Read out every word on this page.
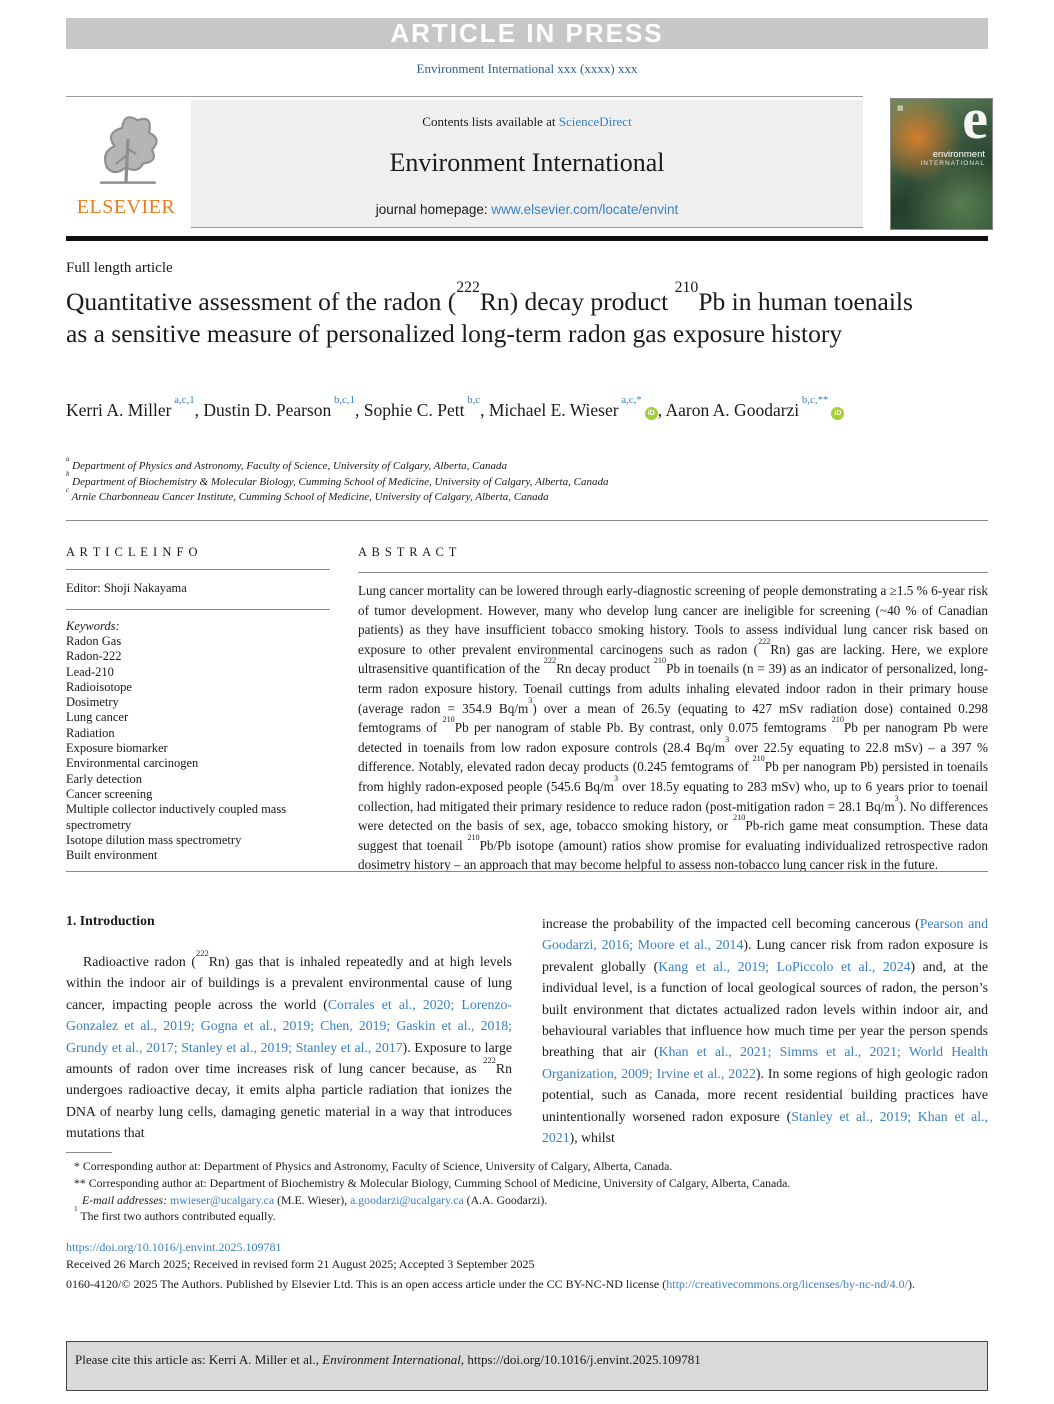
ARTICLE IN PRESS
Environment International xxx (xxxx) xxx
ELSEVIER
Contents lists available at ScienceDirect
Environment International
journal homepage: www.elsevier.com/locate/envint
▦ e
environment
INTERNATIONAL
Full length article
Quantitative assessment of the radon ($^{222}$Rn) decay product $^{210}$Pb in human toenails as a sensitive measure of personalized long-term radon gas exposure history
Kerri A. Miller $^{a,c,1}$, Dustin D. Pearson $^{b,c,1}$, Sophie C. Pett $^{b,c}$, Michael E. Wieser $^{a,c,*}$iD , Aaron A. Goodarzi $^{b,c,**}$iD
$^a$ Department of Physics and Astronomy, Faculty of Science, University of Calgary, Alberta, Canada
$^b$ Department of Biochemistry & Molecular Biology, Cumming School of Medicine, University of Calgary, Alberta, Canada
$^c$ Arnie Charbonneau Cancer Institute, Cumming School of Medicine, University of Calgary, Alberta, Canada
A R T I C L E I N F O
Editor: Shoji Nakayama
Keywords:
Radon Gas
Radon-222
Lead-210
Radioisotope
Dosimetry
Lung cancer
Radiation
Exposure biomarker
Environmental carcinogen
Early detection
Cancer screening
Multiple collector inductively coupled mass spectrometry
Isotope dilution mass spectrometry
Built environment
A B S T R A C T
Lung cancer mortality can be lowered through early-diagnostic screening of people demonstrating a ≥1.5 % 6-year risk of tumor development. However, many who develop lung cancer are ineligible for screening (~40 % of Canadian patients) as they have insufficient tobacco smoking history. Tools to assess individual lung cancer risk based on exposure to other prevalent environmental carcinogens such as radon ($^{222}$Rn) gas are lacking. Here, we explore ultrasensitive quantification of the $^{222}$Rn decay product $^{210}$Pb in toenails (n = 39) as an indicator of personalized, long-term radon exposure history. Toenail cuttings from adults inhaling elevated indoor radon in their primary house (average radon = 354.9 $Bq/m^3$) over a mean of 26.5y (equating to 427 mSv radiation dose) contained 0.298 femtograms of $^{210}$Pb per nanogram of stable Pb. By contrast, only 0.075 femtograms $^{210}$Pb per nanogram Pb were detected in toenails from low radon exposure controls (28.4 $Bq/m^3$ over 22.5y equating to 22.8 mSv) – a 397 % difference. Notably, elevated radon decay products (0.245 femtograms of $^{210}$Pb per nanogram Pb) persisted in toenails from highly radon-exposed people (545.6 $Bq/m^3$ over 18.5y equating to 283 mSv) who, up to 6 years prior to toenail collection, had mitigated their primary residence to reduce radon (post-mitigation radon = 28.1 $Bq/m^3$). No differences were detected on the basis of sex, age, tobacco smoking history, or $^{210}$Pb-rich game meat consumption. These data suggest that toenail $^{210}$Pb/Pb isotope (amount) ratios show promise for evaluating individualized retrospective radon dosimetry history – an approach that may become helpful to assess non-tobacco lung cancer risk in the future.
1. Introduction
Radioactive radon ($^{222}$Rn) gas that is inhaled repeatedly and at high levels within the indoor air of buildings is a prevalent environmental cause of lung cancer, impacting people across the world (Corrales et al., 2020; Lorenzo-Gonzalez et al., 2019; Gogna et al., 2019; Chen, 2019; Gaskin et al., 2018; Grundy et al., 2017; Stanley et al., 2019; Stanley et al., 2017). Exposure to large amounts of radon over time increases risk of lung cancer because, as $^{222}$Rn undergoes radioactive decay, it emits alpha particle radiation that ionizes the DNA of nearby lung cells, damaging genetic material in a way that introduces mutations that
increase the probability of the impacted cell becoming cancerous (Pearson and Goodarzi, 2016; Moore et al., 2014). Lung cancer risk from radon exposure is prevalent globally (Kang et al., 2019; LoPiccolo et al., 2024) and, at the individual level, is a function of local geological sources of radon, the person’s built environment that dictates actualized radon levels within indoor air, and behavioural variables that influence how much time per year the person spends breathing that air (Khan et al., 2021; Simms et al., 2021; World Health Organization, 2009; Irvine et al., 2022). In some regions of high geologic radon potential, such as Canada, more recent residential building practices have unintentionally worsened radon exposure (Stanley et al., 2019; Khan et al., 2021), whilst
* Corresponding author at: Department of Physics and Astronomy, Faculty of Science, University of Calgary, Alberta, Canada.
** Corresponding author at: Department of Biochemistry & Molecular Biology, Cumming School of Medicine, University of Calgary, Alberta, Canada.
E-mail addresses: mwieser@ucalgary.ca (M.E. Wieser), a.goodarzi@ucalgary.ca (A.A. Goodarzi).
$^1$ The first two authors contributed equally.
https://doi.org/10.1016/j.envint.2025.109781
Received 26 March 2025; Received in revised form 21 August 2025; Accepted 3 September 2025
0160-4120/© 2025 The Authors. Published by Elsevier Ltd. This is an open access article under the CC BY-NC-ND license (http://creativecommons.org/licenses/by-nc-nd/4.0/).
Please cite this article as: Kerri A. Miller et al., Environment International, https://doi.org/10.1016/j.envint.2025.109781
